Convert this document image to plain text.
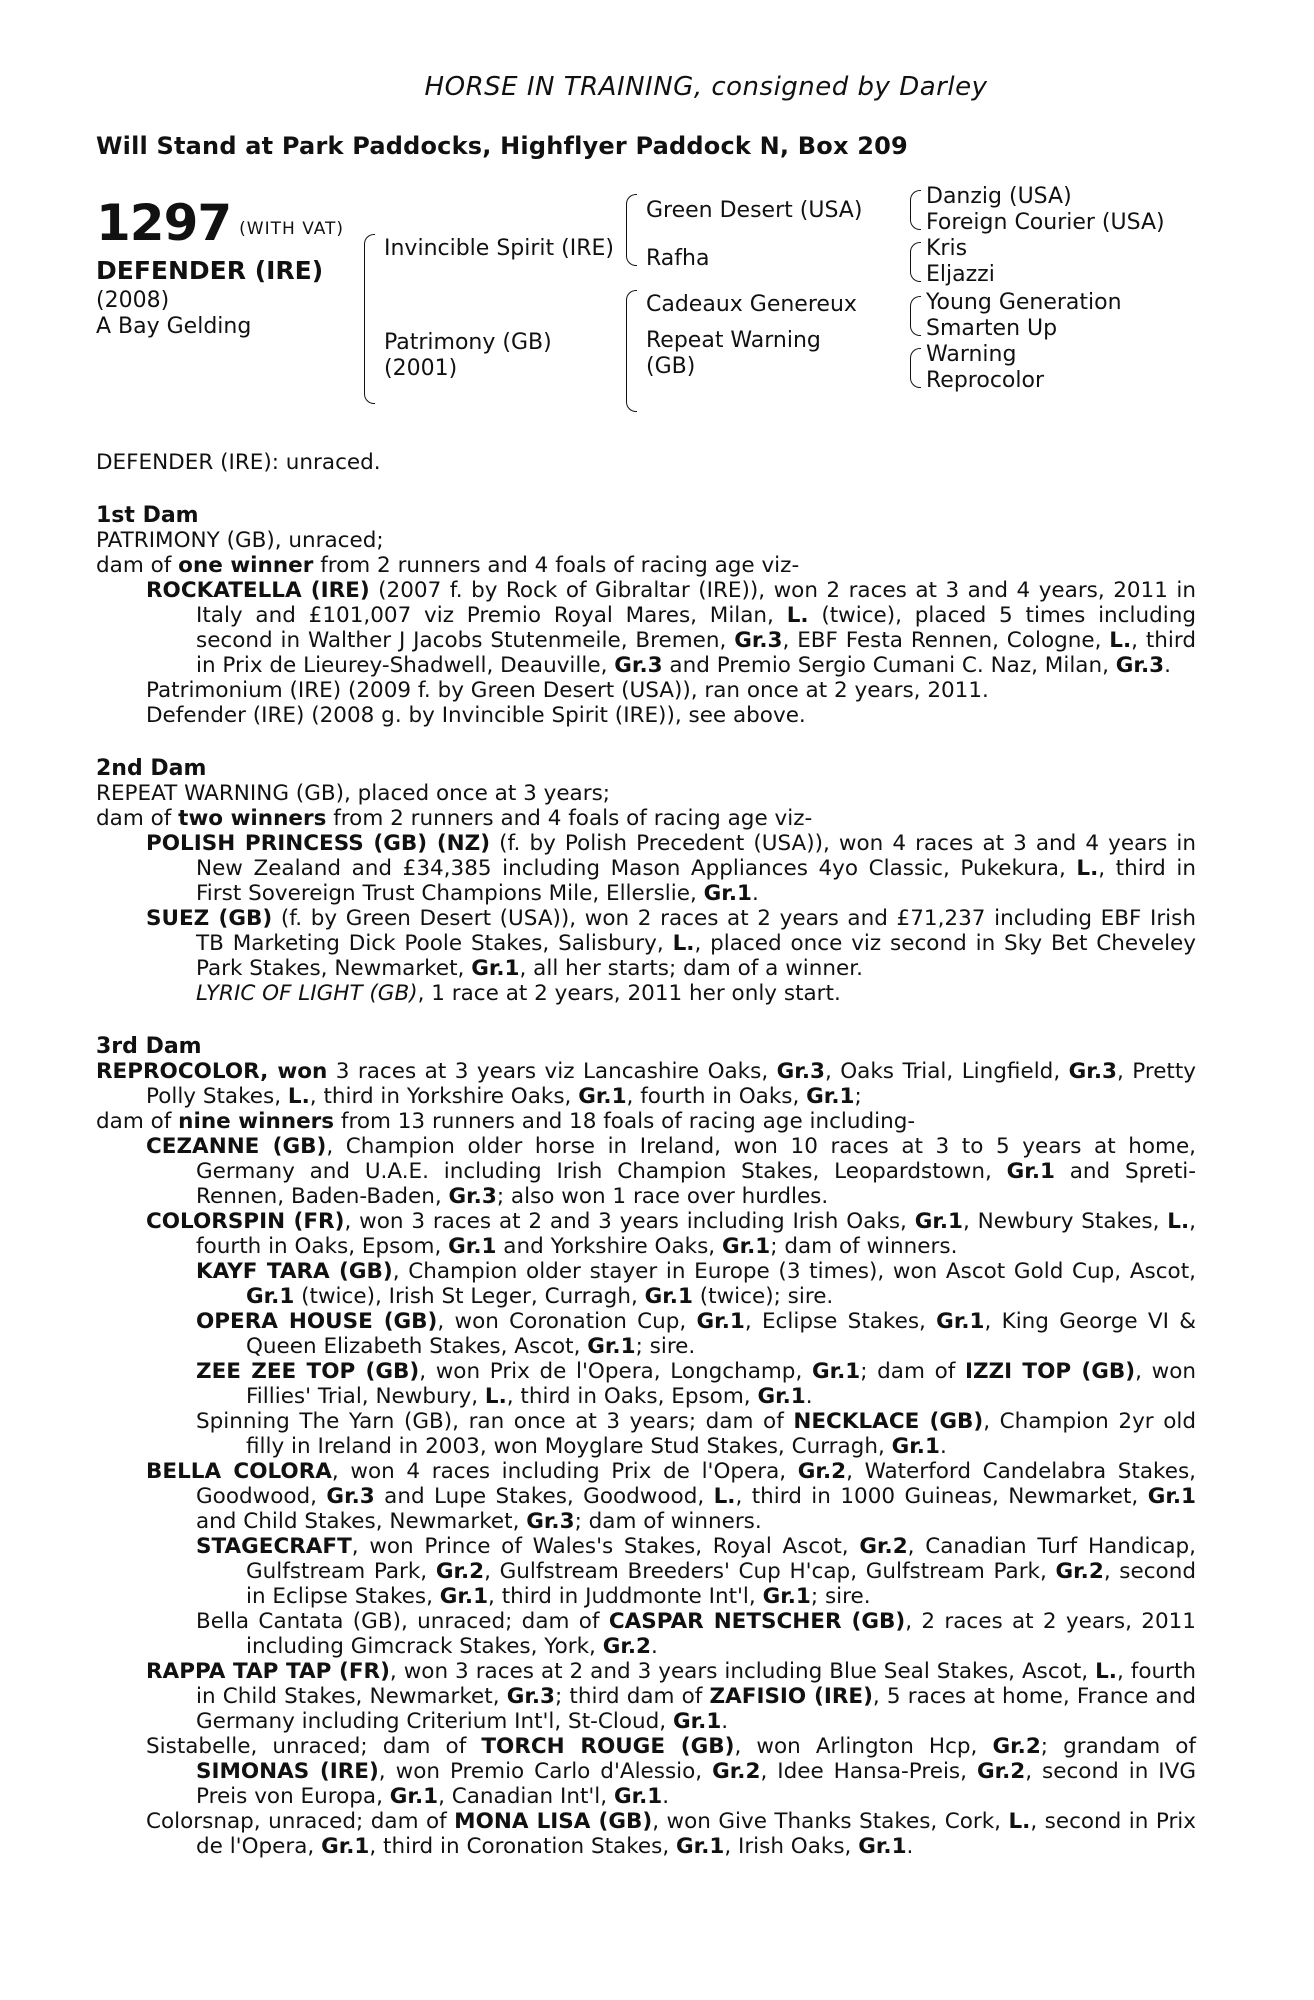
HORSE IN TRAINING, consigned by Darley
Will Stand at Park Paddocks, Highflyer Paddock N, Box 209
1297 $^{(WITH VAT)}$
DEFENDER (IRE)
(2008)
A Bay Gelding
Invincible Spirit (IRE)
Patrimony (GB)
(2001)
Green Desert (USA)
Rafha
Cadeaux Genereux
Repeat Warning
(GB)
Danzig (USA)
Foreign Courier (USA)
Kris
Eljazzi
Young Generation
Smarten Up
Warning
Reprocolor
DEFENDER (IRE): unraced.
1st Dam
PATRIMONY (GB), unraced;
dam of one winner from 2 runners and 4 foals of racing age viz-
ROCKATELLA (IRE) (2007 f. by Rock of Gibraltar (IRE)), won 2 races at 3 and 4 years, 2011 in Italy and £101,007 viz Premio Royal Mares, Milan, L. (twice), placed 5 times including second in Walther J Jacobs Stutenmeile, Bremen, Gr.3, EBF Festa Rennen, Cologne, L., third in Prix de Lieurey-Shadwell, Deauville, Gr.3 and Premio Sergio Cumani C. Naz, Milan, Gr.3.
Patrimonium (IRE) (2009 f. by Green Desert (USA)), ran once at 2 years, 2011.
Defender (IRE) (2008 g. by Invincible Spirit (IRE)), see above.
2nd Dam
REPEAT WARNING (GB), placed once at 3 years;
dam of two winners from 2 runners and 4 foals of racing age viz-
POLISH PRINCESS (GB) (NZ) (f. by Polish Precedent (USA)), won 4 races at 3 and 4 years in New Zealand and £34,385 including Mason Appliances 4yo Classic, Pukekura, L., third in First Sovereign Trust Champions Mile, Ellerslie, Gr.1.
SUEZ (GB) (f. by Green Desert (USA)), won 2 races at 2 years and £71,237 including EBF Irish TB Marketing Dick Poole Stakes, Salisbury, L., placed once viz second in Sky Bet Cheveley Park Stakes, Newmarket, Gr.1, all her starts; dam of a winner.
LYRIC OF LIGHT (GB), 1 race at 2 years, 2011 her only start.
3rd Dam
REPROCOLOR, won 3 races at 3 years viz Lancashire Oaks, Gr.3, Oaks Trial, Lingfield, Gr.3, Pretty Polly Stakes, L., third in Yorkshire Oaks, Gr.1, fourth in Oaks, Gr.1;
dam of nine winners from 13 runners and 18 foals of racing age including-
CEZANNE (GB), Champion older horse in Ireland, won 10 races at 3 to 5 years at home, Germany and U.A.E. including Irish Champion Stakes, Leopardstown, Gr.1 and Spreti-Rennen, Baden-Baden, Gr.3; also won 1 race over hurdles.
COLORSPIN (FR), won 3 races at 2 and 3 years including Irish Oaks, Gr.1, Newbury Stakes, L., fourth in Oaks, Epsom, Gr.1 and Yorkshire Oaks, Gr.1; dam of winners.
KAYF TARA (GB), Champion older stayer in Europe (3 times), won Ascot Gold Cup, Ascot, Gr.1 (twice), Irish St Leger, Curragh, Gr.1 (twice); sire.
OPERA HOUSE (GB), won Coronation Cup, Gr.1, Eclipse Stakes, Gr.1, King George VI & Queen Elizabeth Stakes, Ascot, Gr.1; sire.
ZEE ZEE TOP (GB), won Prix de l'Opera, Longchamp, Gr.1; dam of IZZI TOP (GB), won Fillies' Trial, Newbury, L., third in Oaks, Epsom, Gr.1.
Spinning The Yarn (GB), ran once at 3 years; dam of NECKLACE (GB), Champion 2yr old filly in Ireland in 2003, won Moyglare Stud Stakes, Curragh, Gr.1.
BELLA COLORA, won 4 races including Prix de l'Opera, Gr.2, Waterford Candelabra Stakes, Goodwood, Gr.3 and Lupe Stakes, Goodwood, L., third in 1000 Guineas, Newmarket, Gr.1 and Child Stakes, Newmarket, Gr.3; dam of winners.
STAGECRAFT, won Prince of Wales's Stakes, Royal Ascot, Gr.2, Canadian Turf Handicap, Gulfstream Park, Gr.2, Gulfstream Breeders' Cup H'cap, Gulfstream Park, Gr.2, second in Eclipse Stakes, Gr.1, third in Juddmonte Int'l, Gr.1; sire.
Bella Cantata (GB), unraced; dam of CASPAR NETSCHER (GB), 2 races at 2 years, 2011 including Gimcrack Stakes, York, Gr.2.
RAPPA TAP TAP (FR), won 3 races at 2 and 3 years including Blue Seal Stakes, Ascot, L., fourth in Child Stakes, Newmarket, Gr.3; third dam of ZAFISIO (IRE), 5 races at home, France and Germany including Criterium Int'l, St-Cloud, Gr.1.
Sistabelle, unraced; dam of TORCH ROUGE (GB), won Arlington Hcp, Gr.2; grandam of SIMONAS (IRE), won Premio Carlo d'Alessio, Gr.2, Idee Hansa-Preis, Gr.2, second in IVG Preis von Europa, Gr.1, Canadian Int'l, Gr.1.
Colorsnap, unraced; dam of MONA LISA (GB), won Give Thanks Stakes, Cork, L., second in Prix de l'Opera, Gr.1, third in Coronation Stakes, Gr.1, Irish Oaks, Gr.1.
